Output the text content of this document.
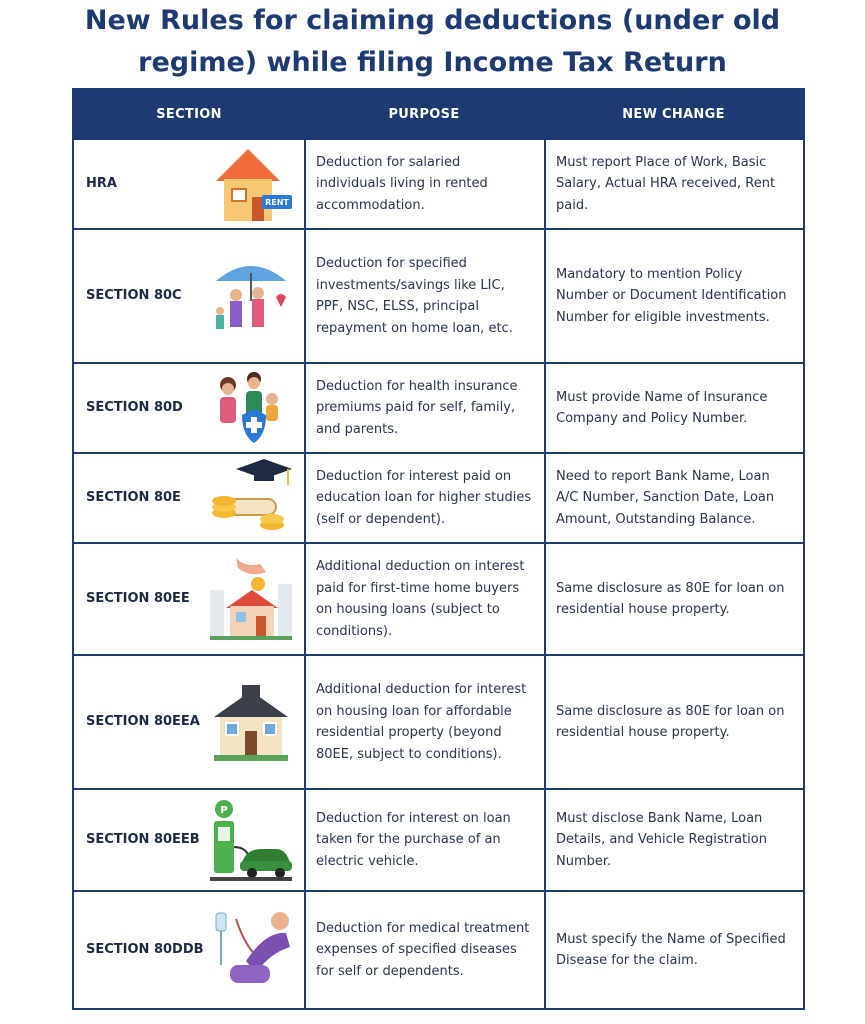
New Rules for claiming deductions (under old
regime) while filing Income Tax Return
SECTION	PURPOSE	NEW CHANGE
HRA
RENT
Deduction for salaried individuals living in rented accommodation.
Must report Place of Work, Basic Salary, Actual HRA received, Rent paid.
SECTION 80C
Deduction for specified investments/savings like LIC, PPF, NSC, ELSS, principal repayment on home loan, etc.
Mandatory to mention Policy Number or Document Identification Number for eligible investments.
SECTION 80D
Deduction for health insurance premiums paid for self, family, and parents.
Must provide Name of Insurance Company and Policy Number.
SECTION 80E
Deduction for interest paid on education loan for higher studies (self or dependent).
Need to report Bank Name, Loan A/C Number, Sanction Date, Loan Amount, Outstanding Balance.
SECTION 80EE
Additional deduction on interest paid for first-time home buyers on housing loans (subject to conditions).
Same disclosure as 80E for loan on residential house property.
SECTION 80EEA
Additional deduction for interest on housing loan for affordable residential property (beyond 80EE, subject to conditions).
Same disclosure as 80E for loan on residential house property.
SECTION 80EEB
P
Deduction for interest on loan taken for the purchase of an electric vehicle.
Must disclose Bank Name, Loan Details, and Vehicle Registration Number.
SECTION 80DDB
Deduction for medical treatment expenses of specified diseases for self or dependents.
Must specify the Name of Specified Disease for the claim.
